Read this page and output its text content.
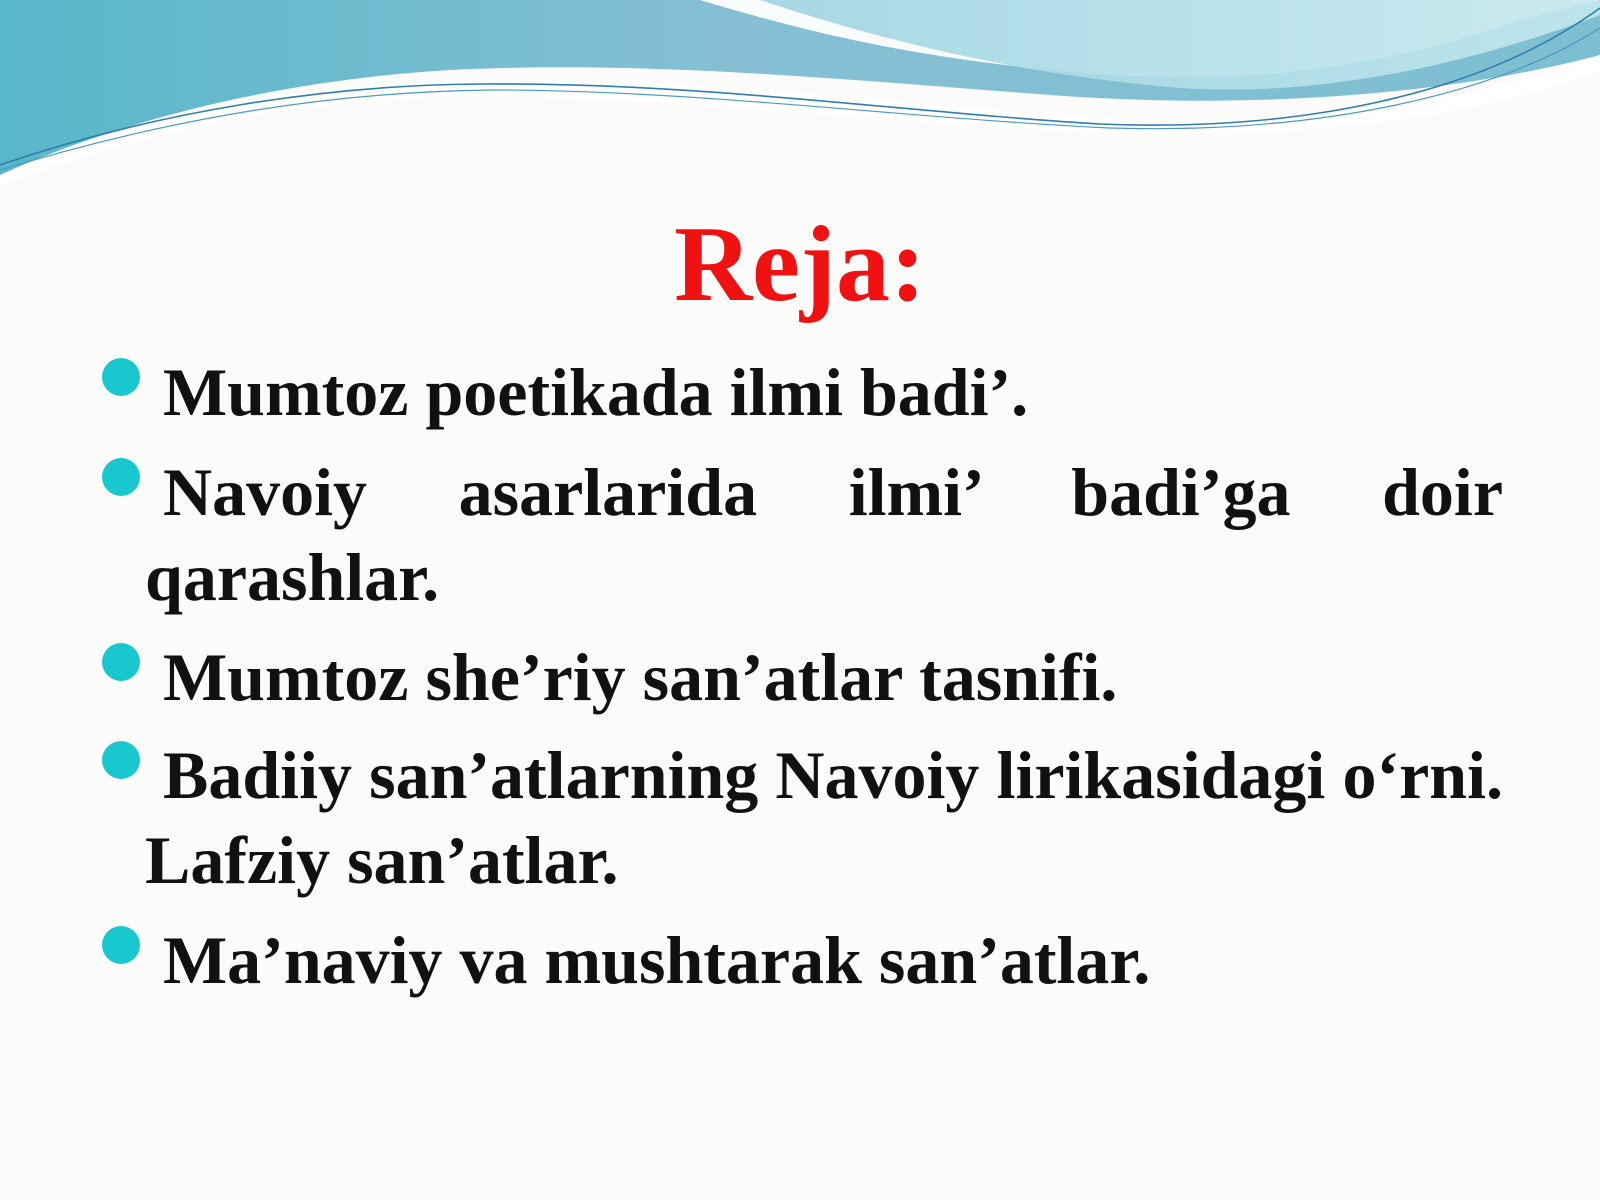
Reja:
Mumtoz poetikada ilmi badi’.
Navoiy asarlarida ilmi’ badi’ga doir qarashlar.
Mumtoz she’riy san’atlar tasnifi.
Badiiy san’atlarning Navoiy lirikasidagi o‘rni. Lafziy san’atlar.
Ma’naviy va mushtarak san’atlar.
